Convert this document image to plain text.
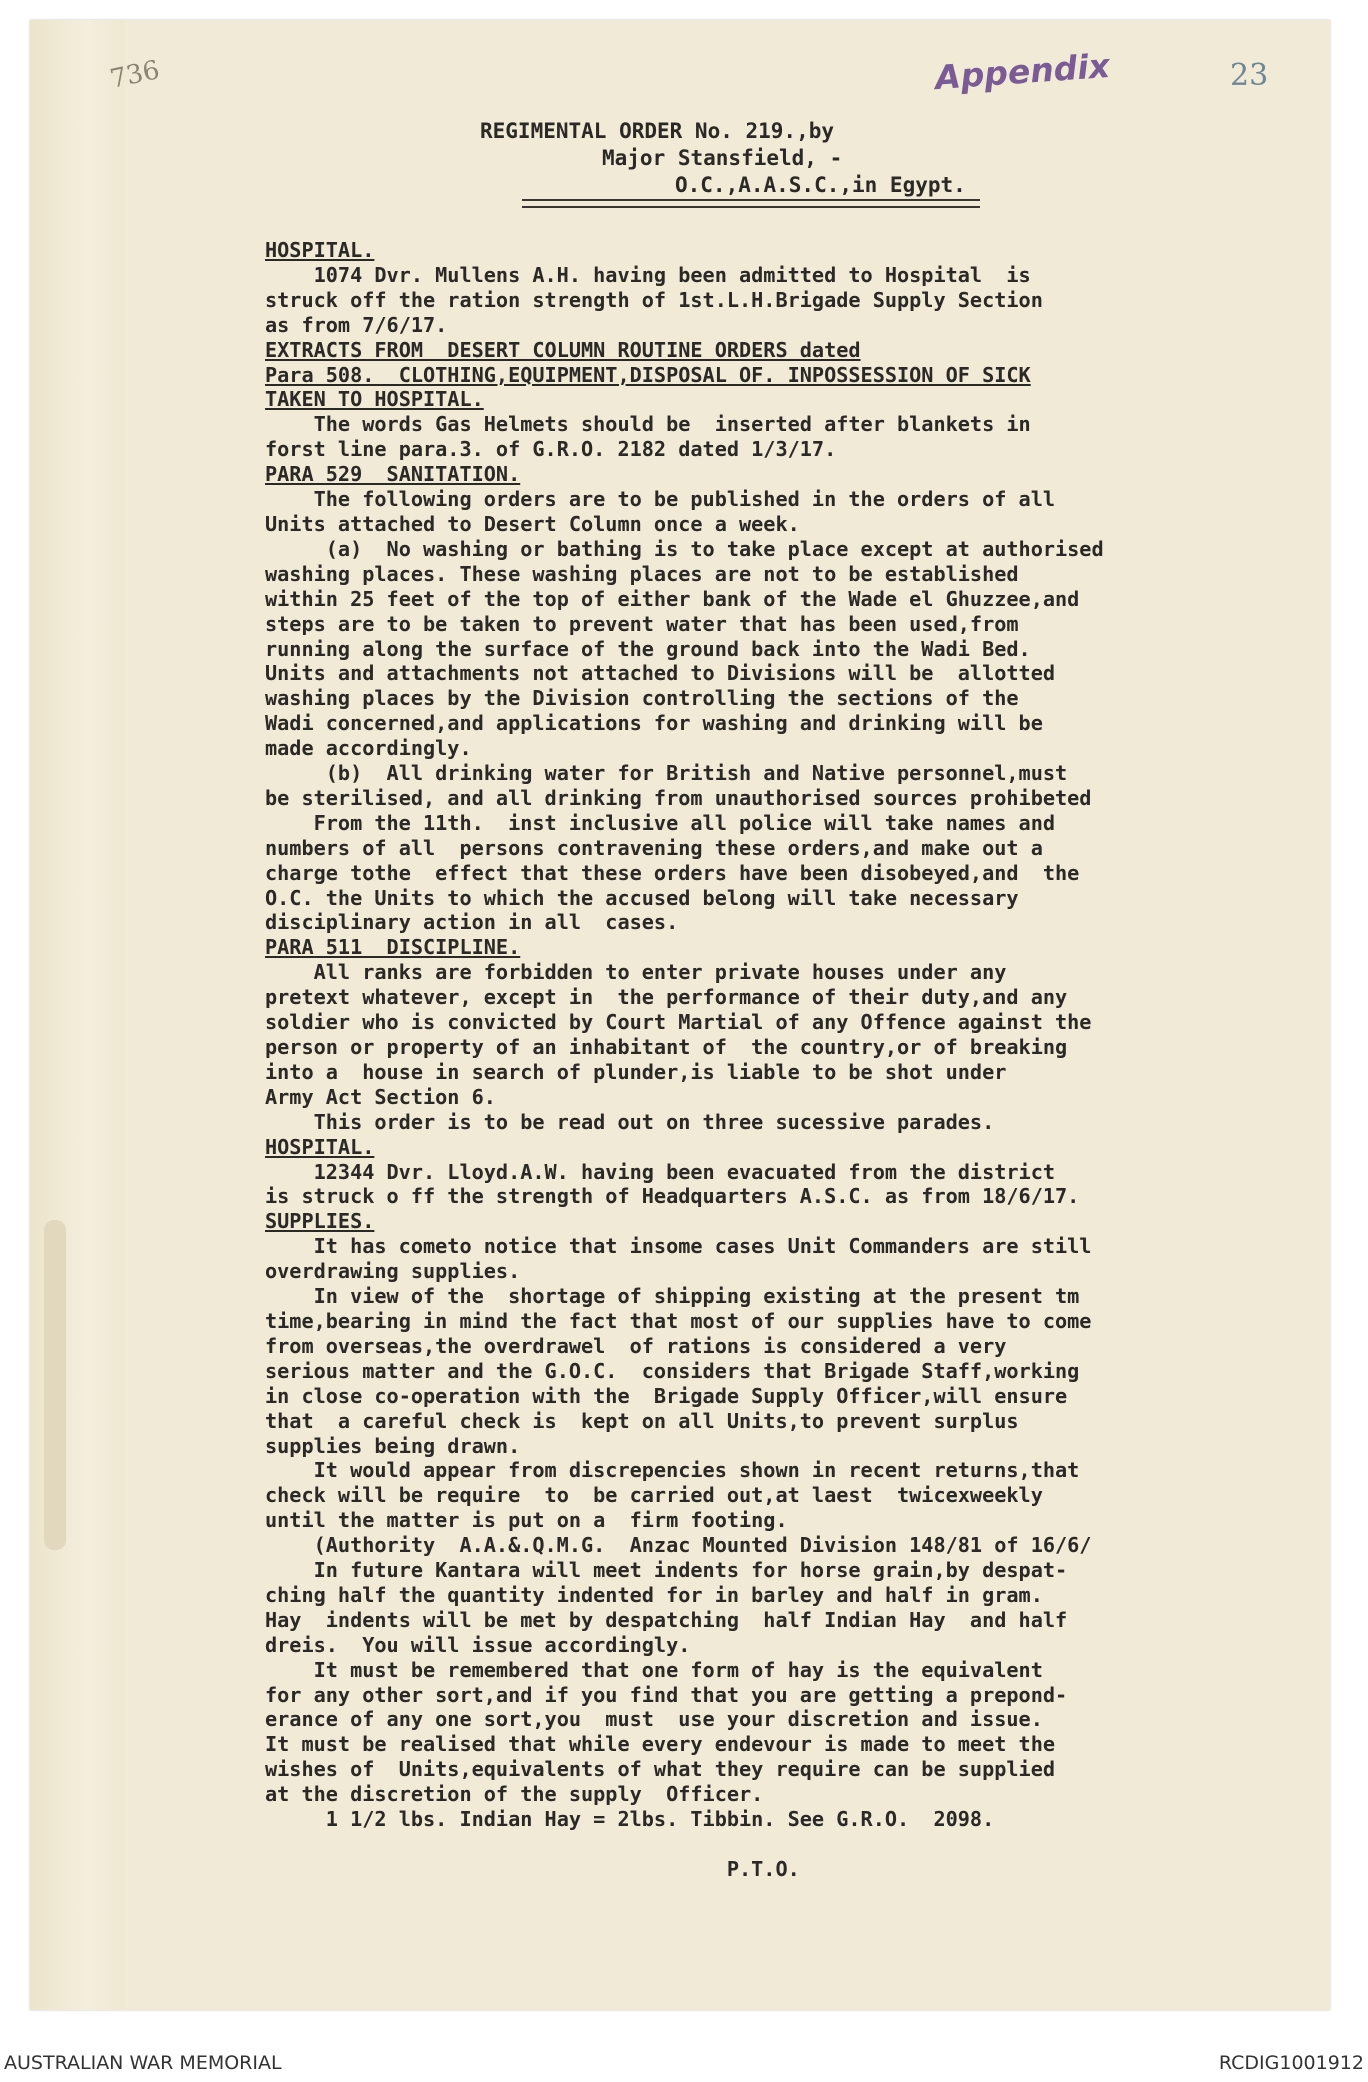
736	Appendix	23
REGIMENTAL ORDER No. 219.,by
Major Stansfield, -
O.C.,A.A.S.C.,in Egypt.
HOSPITAL.
1074 Dvr. Mullens A.H. having been admitted to Hospital  is
struck off the ration strength of 1st.L.H.Brigade Supply Section
as from 7/6/17.
EXTRACTS FROM  DESERT COLUMN ROUTINE ORDERS dated
Para 508.  CLOTHING,EQUIPMENT,DISPOSAL OF. INPOSSESSION OF SICK
TAKEN TO HOSPITAL.
The words Gas Helmets should be  inserted after blankets in
forst line para.3. of G.R.O. 2182 dated 1/3/17.
PARA 529  SANITATION.
The following orders are to be published in the orders of all
Units attached to Desert Column once a week.
(a)  No washing or bathing is to take place except at authorised
washing places. These washing places are not to be established
within 25 feet of the top of either bank of the Wade el Ghuzzee,and
steps are to be taken to prevent water that has been used,from
running along the surface of the ground back into the Wadi Bed.
Units and attachments not attached to Divisions will be  allotted
washing places by the Division controlling the sections of the
Wadi concerned,and applications for washing and drinking will be
made accordingly.
(b)  All drinking water for British and Native personnel,must
be sterilised, and all drinking from unauthorised sources prohibeted
From the 11th.  inst inclusive all police will take names and
numbers of all  persons contravening these orders,and make out a
charge tothe  effect that these orders have been disobeyed,and  the
O.C. the Units to which the accused belong will take necessary
disciplinary action in all  cases.
PARA 511  DISCIPLINE.
All ranks are forbidden to enter private houses under any
pretext whatever, except in  the performance of their duty,and any
soldier who is convicted by Court Martial of any Offence against the
person or property of an inhabitant of  the country,or of breaking
into a  house in search of plunder,is liable to be shot under
Army Act Section 6.
This order is to be read out on three sucessive parades.
HOSPITAL.
12344 Dvr. Lloyd.A.W. having been evacuated from the district
is struck o ff the strength of Headquarters A.S.C. as from 18/6/17.
SUPPLIES.
It has cometo notice that insome cases Unit Commanders are still
overdrawing supplies.
In view of the  shortage of shipping existing at the present tm
time,bearing in mind the fact that most of our supplies have to come
from overseas,the overdrawel  of rations is considered a very
serious matter and the G.O.C.  considers that Brigade Staff,working
in close co-operation with the  Brigade Supply Officer,will ensure
that  a careful check is  kept on all Units,to prevent surplus
supplies being drawn.
It would appear from discrepencies shown in recent returns,that
check will be require  to  be carried out,at laest  twicexweekly
until the matter is put on a  firm footing.
(Authority  A.A.&.Q.M.G.  Anzac Mounted Division 148/81 of 16/6/
In future Kantara will meet indents for horse grain,by despat-
ching half the quantity indented for in barley and half in gram.
Hay  indents will be met by despatching  half Indian Hay  and half
dreis.  You will issue accordingly.
It must be remembered that one form of hay is the equivalent
for any other sort,and if you find that you are getting a prepond-
erance of any one sort,you  must  use your discretion and issue.
It must be realised that while every endevour is made to meet the
wishes of  Units,equivalents of what they require can be supplied
at the discretion of the supply  Officer.
1 1/2 lbs. Indian Hay = 2lbs. Tibbin. See G.R.O.  2098.
P.T.O.
AUSTRALIAN WAR MEMORIAL	RCDIG1001912
